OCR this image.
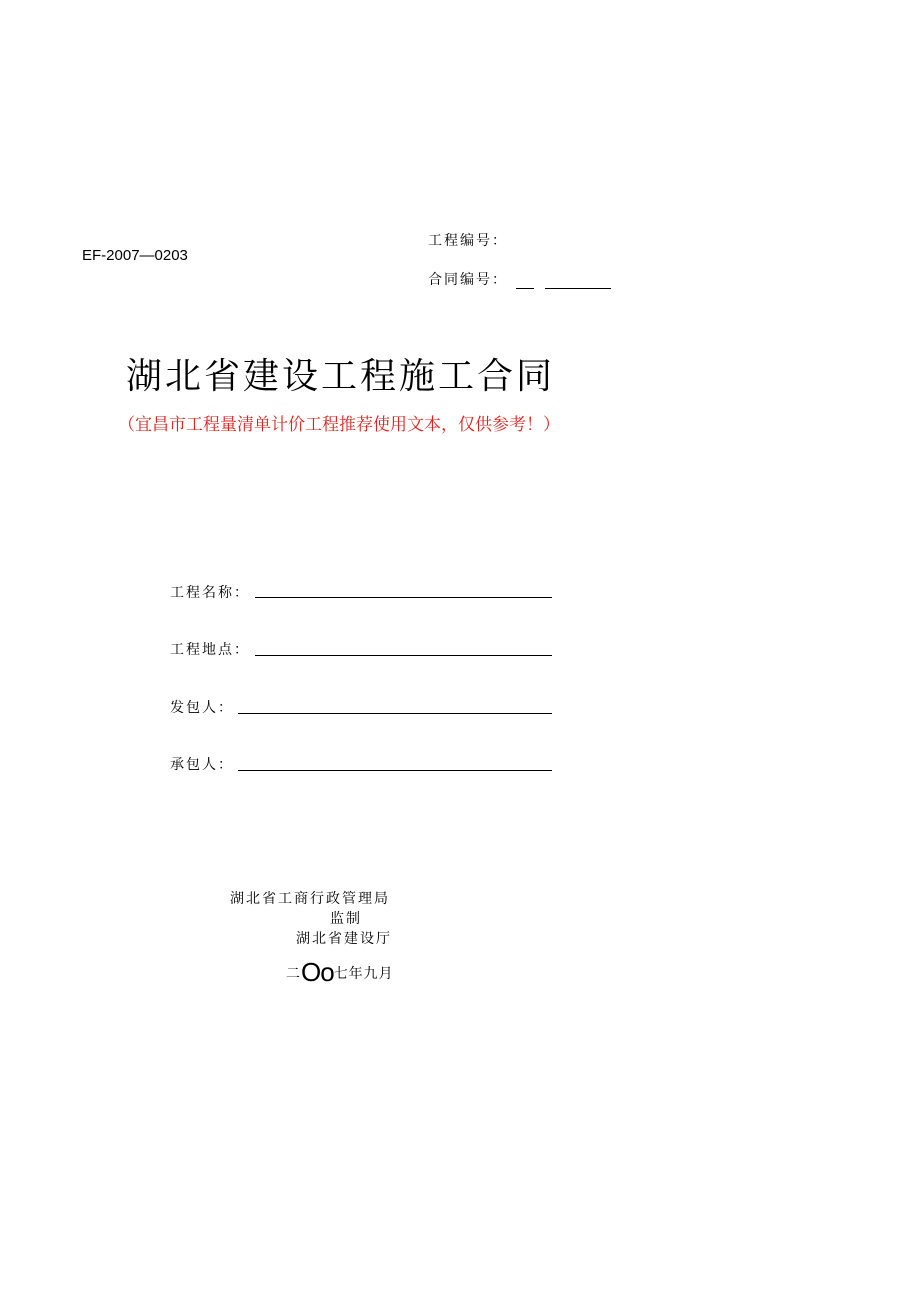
EF-2007—0203
工程编号：
合同编号：
湖北省建设工程施工合同
（宜昌市工程量清单计价工程推荐使用文本，仅供参考！）
工程名称：
工程地点：
发包人：
承包人：
湖北省工商行政管理局
监制
湖北省建设厅
二Oo七年九月
